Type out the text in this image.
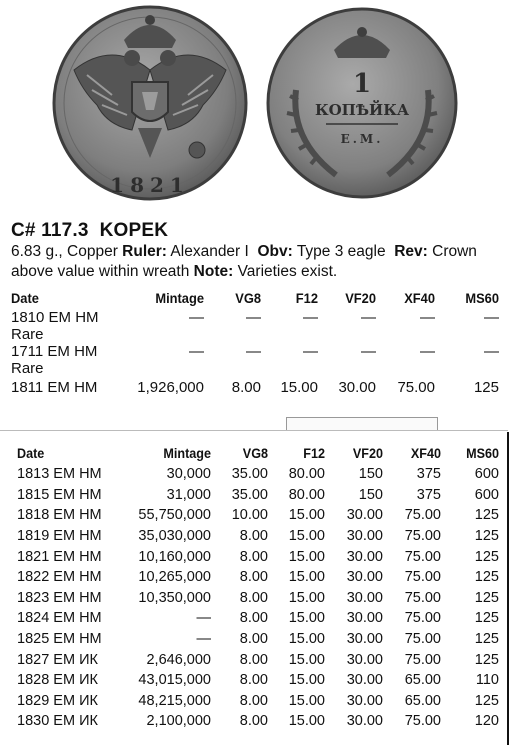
1821
1
КОПѢЙКА
Е.М.
C# 117.3 KOPEK
6.83 g., Copper Ruler: Alexander I Obv: Type 3 eagle Rev: Crown above value within wreath Note: Varieties exist.
Date	Mintage	VG8	F12	VF20	XF40	MS60
1810 EM HM Rare	—	—	—	—	—	—
1711 EM HM Rare	—	—	—	—	—	—
1811 EM HM	1,926,000	8.00	15.00	30.00	75.00	125
Date	Mintage	VG8	F12	VF20	XF40	MS60
1813 EM HM	30,000	35.00	80.00	150	375	600
1815 EM HM	31,000	35.00	80.00	150	375	600
1818 EM HM	55,750,000	10.00	15.00	30.00	75.00	125
1819 EM HM	35,030,000	8.00	15.00	30.00	75.00	125
1821 EM HM	10,160,000	8.00	15.00	30.00	75.00	125
1822 EM HM	10,265,000	8.00	15.00	30.00	75.00	125
1823 EM HM	10,350,000	8.00	15.00	30.00	75.00	125
1824 EM HM	—	8.00	15.00	30.00	75.00	125
1825 EM HM	—	8.00	15.00	30.00	75.00	125
1827 EM ИК	2,646,000	8.00	15.00	30.00	75.00	125
1828 EM ИК	43,015,000	8.00	15.00	30.00	65.00	110
1829 EM ИК	48,215,000	8.00	15.00	30.00	65.00	125
1830 EM ИК	2,100,000	8.00	15.00	30.00	75.00	120
